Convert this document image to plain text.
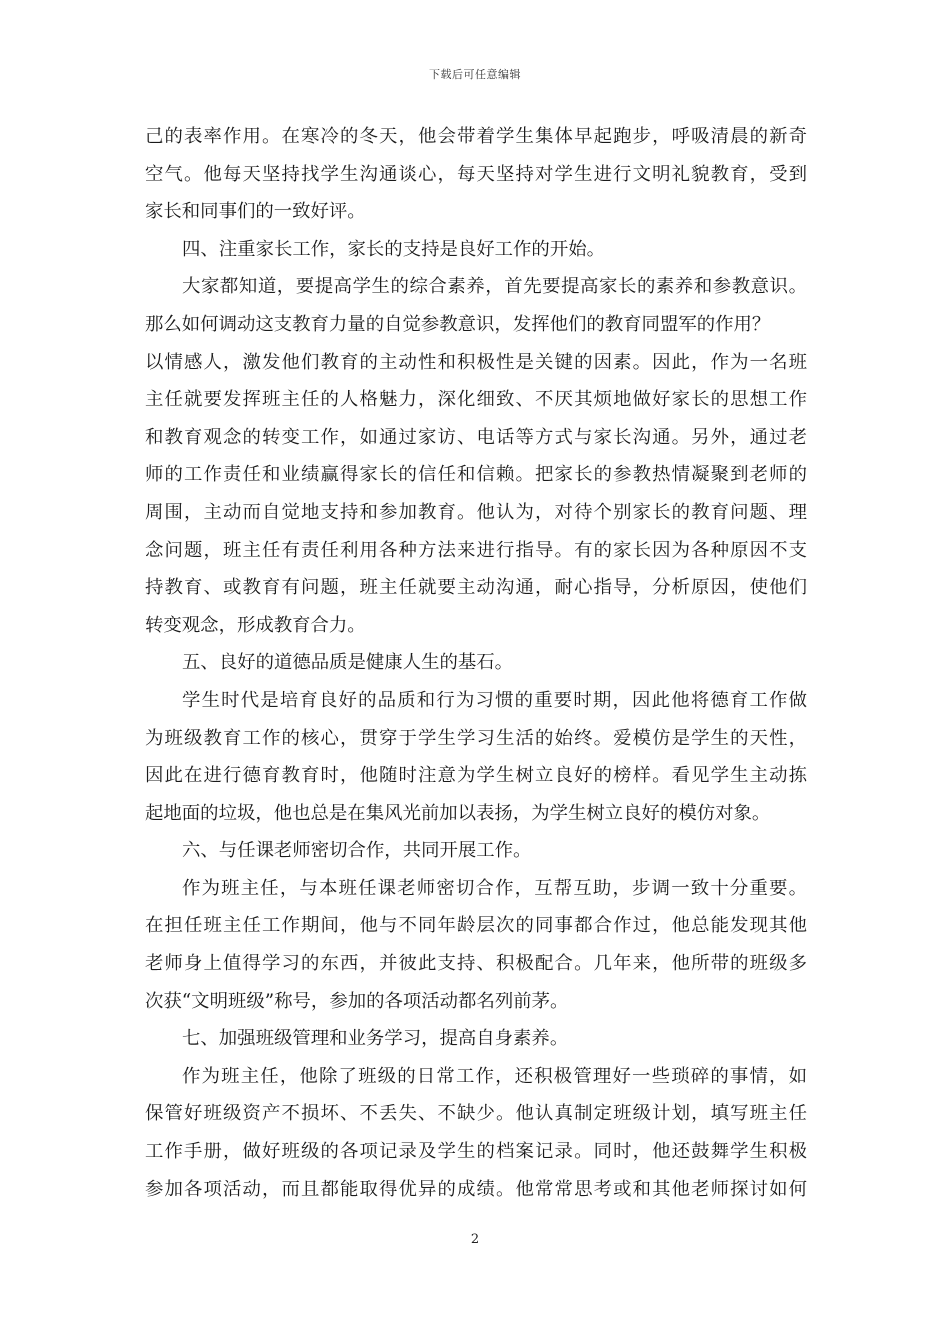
下载后可任意编辑
己的表率作用。在寒冷的冬天，他会带着学生集体早起跑步，呼吸清晨的新奇
空气。他每天坚持找学生沟通谈心，每天坚持对学生进行文明礼貌教育，受到
家长和同事们的一致好评。
四、注重家长工作，家长的支持是良好工作的开始。
大家都知道，要提高学生的综合素养，首先要提高家长的素养和参教意识。
那么如何调动这支教育力量的自觉参教意识，发挥他们的教育同盟军的作用？
以情感人，激发他们教育的主动性和积极性是关键的因素。因此，作为一名班
主任就要发挥班主任的人格魅力，深化细致、不厌其烦地做好家长的思想工作
和教育观念的转变工作，如通过家访、电话等方式与家长沟通。另外，通过老
师的工作责任和业绩赢得家长的信任和信赖。把家长的参教热情凝聚到老师的
周围，主动而自觉地支持和参加教育。他认为，对待个别家长的教育问题、理
念问题，班主任有责任利用各种方法来进行指导。有的家长因为各种原因不支
持教育、或教育有问题，班主任就要主动沟通，耐心指导，分析原因，使他们
转变观念，形成教育合力。
五、良好的道德品质是健康人生的基石。
学生时代是培育良好的品质和行为习惯的重要时期，因此他将德育工作做
为班级教育工作的核心，贯穿于学生学习生活的始终。爱模仿是学生的天性，
因此在进行德育教育时，他随时注意为学生树立良好的榜样。看见学生主动拣
起地面的垃圾，他也总是在集风光前加以表扬，为学生树立良好的模仿对象。
六、与任课老师密切合作，共同开展工作。
作为班主任，与本班任课老师密切合作，互帮互助，步调一致十分重要。
在担任班主任工作期间，他与不同年龄层次的同事都合作过，他总能发现其他
老师身上值得学习的东西，并彼此支持、积极配合。几年来，他所带的班级多
次获“文明班级”称号，参加的各项活动都名列前茅。
七、加强班级管理和业务学习，提高自身素养。
作为班主任，他除了班级的日常工作，还积极管理好一些琐碎的事情，如
保管好班级资产不损坏、不丢失、不缺少。他认真制定班级计划，填写班主任
工作手册，做好班级的各项记录及学生的档案记录。同时，他还鼓舞学生积极
参加各项活动，而且都能取得优异的成绩。他常常思考或和其他老师探讨如何
2
